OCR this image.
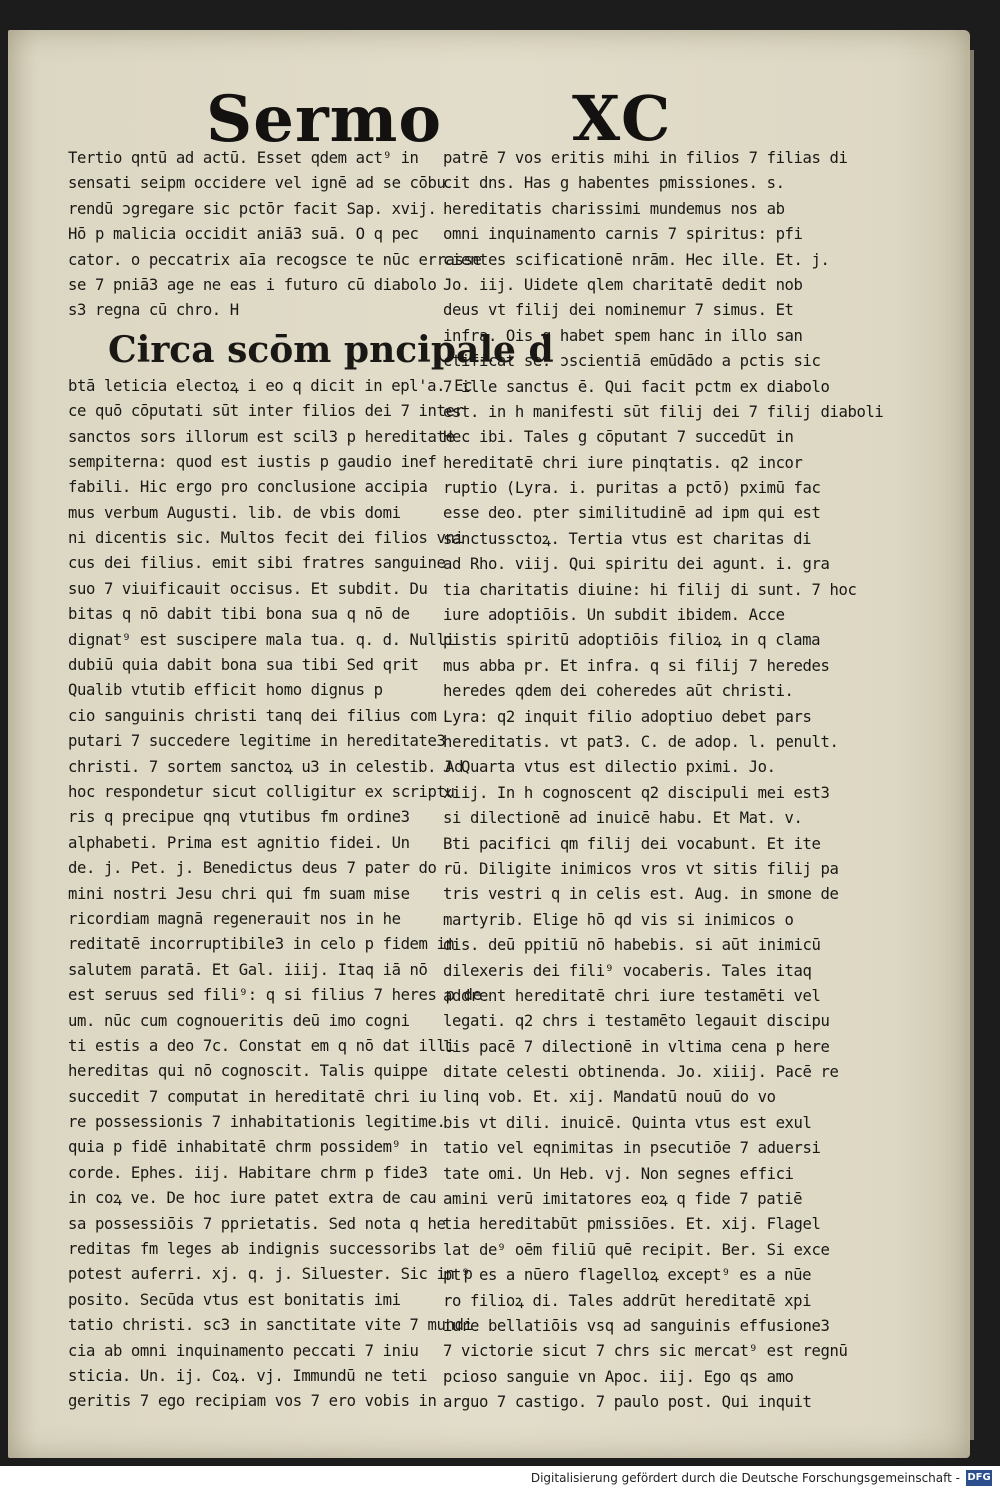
Sermo XC
Tertio qntū ad actū. Esset qdem act⁹ in
sensati seipm occidere vel ignē ad se cōbu
rendū ɔgregare sic pctōr facit Sap. xvij.
Hō p malicia occidit aniā3 suā. O q pec
cator. o peccatrix aīa recogsce te nūc errasse
se 7 pniā3 age ne eas i futuro cū diabolo
s3 regna cū chro. H
Circa scōm pncipale d
btā leticia electoꝝ i eo q dicit in epl'a. Ec
ce quō cōputati sūt inter filios dei 7 inter
sanctos sors illorum est scil3 p hereditate
sempiterna: quod est iustis p gaudio inef
fabili. Hic ergo pro conclusione accipia
mus verbum Augusti. lib. de vbis domi
ni dicentis sic. Multos fecit dei filios vni
cus dei filius. emit sibi fratres sanguine
suo 7 viuificauit occisus. Et subdit. Du
bitas q nō dabit tibi bona sua q nō de
dignat⁹ est suscipere mala tua. q. d. Nulli
dubiū quia dabit bona sua tibi Sed qrit
Qualib vtutib efficit homo dignus p
cio sanguinis christi tanq dei filius com
putari 7 succedere legitime in hereditate3
christi. 7 sortem sanctoꝝ u3 in celestib. Ad
hoc respondetur sicut colligitur ex scriptu
ris q precipue qnq vtutibus fm ordine3
alphabeti. Prima est agnitio fidei. Un
de. j. Pet. j. Benedictus deus 7 pater do
mini nostri Jesu chri qui fm suam mise
ricordiam magnā regenerauit nos in he
reditatē incorruptibile3 in celo p fidem in
salutem paratā. Et Gal. iiij. Itaq iā nō
est seruus sed fili⁹: q si filius 7 heres p de
um. nūc cum cognoueritis deū imo cogni
ti estis a deo 7c. Constat em q nō dat illi
hereditas qui nō cognoscit. Talis quippe
succedit 7 computat in hereditatē chri iu
re possessionis 7 inhabitationis legitime.
quia p fidē inhabitatē chrm possidem⁹ in
corde. Ephes. iij. Habitare chrm p fide3
in coꝝ ve. De hoc iure patet extra de cau
sa possessiōis 7 pprietatis. Sed nota q he
reditas fm leges ab indignis successoribs
potest auferri. xj. q. j. Siluester. Sic in p
posito. Secūda vtus est bonitatis imi
tatio christi. sc3 in sanctitate vite 7 mundi
cia ab omni inquinamento peccati 7 iniu
sticia. Un. ij. Coꝝ. vj. Immundū ne teti
geritis 7 ego recipiam vos 7 ero vobis in
patrē 7 vos eritis mihi in filios 7 filias di
cit dns. Has g habentes pmissiones. s.
hereditatis charissimi mundemus nos ab
omni inquinamento carnis 7 spiritus: pfi
cientes scificationē nrām. Hec ille. Et. j.
Jo. iij. Uidete qlem charitatē dedit nob
deus vt filij dei nominemur 7 simus. Et
infra. Ois q habet spem hanc in illo san
ctificat se. ɔscientiā emūdādo a pctis sic
7 ille sanctus ē. Qui facit pctm ex diabolo
est. in h manifesti sūt filij dei 7 filij diaboli
Hec ibi. Tales g cōputant 7 succedūt in
hereditatē chri iure pinqtatis. q2 incor
ruptio (Lyra. i. puritas a pctō) pximū fac
esse deo. pter similitudinē ad ipm qui est
sanctussctoꝝ. Tertia vtus est charitas di
ad Rho. viij. Qui spiritu dei agunt. i. gra
tia charitatis diuine: hi filij di sunt. 7 hoc
iure adoptiōis. Un subdit ibidem. Acce
pistis spiritū adoptiōis filioꝝ in q clama
mus abba pr. Et infra. q si filij 7 heredes
heredes qdem dei coheredes aūt christi.
Lyra: q2 inquit filio adoptiuo debet pars
hereditatis. vt pat3. C. de adop. l. penult.
J Quarta vtus est dilectio pximi. Jo.
xiij. In h cognoscent q2 discipuli mei est3
si dilectionē ad inuicē habu. Et Mat. v.
Bti pacifici qm filij dei vocabunt. Et ite
rū. Diligite inimicos vros vt sitis filij pa
tris vestri q in celis est. Aug. in smone de
martyrib. Elige hō qd vis si inimicos o
dis. deū ppitiū nō habebis. si aūt inimicū
dilexeris dei fili⁹ vocaberis. Tales itaq
addrent hereditatē chri iure testamēti vel
legati. q2 chrs i testamēto legauit discipu
lis pacē 7 dilectionē in vltima cena p here
ditate celesti obtinenda. Jo. xiiij. Pacē re
linq vob. Et. xij. Mandatū nouū do vo
bis vt dili. inuicē. Quinta vtus est exul
tatio vel eqnimitas in psecutiōe 7 aduersi
tate omi. Un Heb. vj. Non segnes effici
amini verū imitatores eoꝝ q fide 7 patiē
tia hereditabūt pmissiōes. Et. xij. Flagel
lat de⁹ oēm filiū quē recipit. Ber. Si exce
pt⁹ es a nūero flagelloꝝ except⁹ es a nūe
ro filioꝝ di. Tales addrūt hereditatē xpi
iure bellatiōis vsq ad sanguinis effusione3
7 victorie sicut 7 chrs sic mercat⁹ est regnū
pcioso sanguie vn Apoc. iij. Ego qs amo
arguo 7 castigo. 7 paulo post. Qui inquit
Digitalisierung gefördert durch die Deutsche Forschungsgemeinschaft - DFG
